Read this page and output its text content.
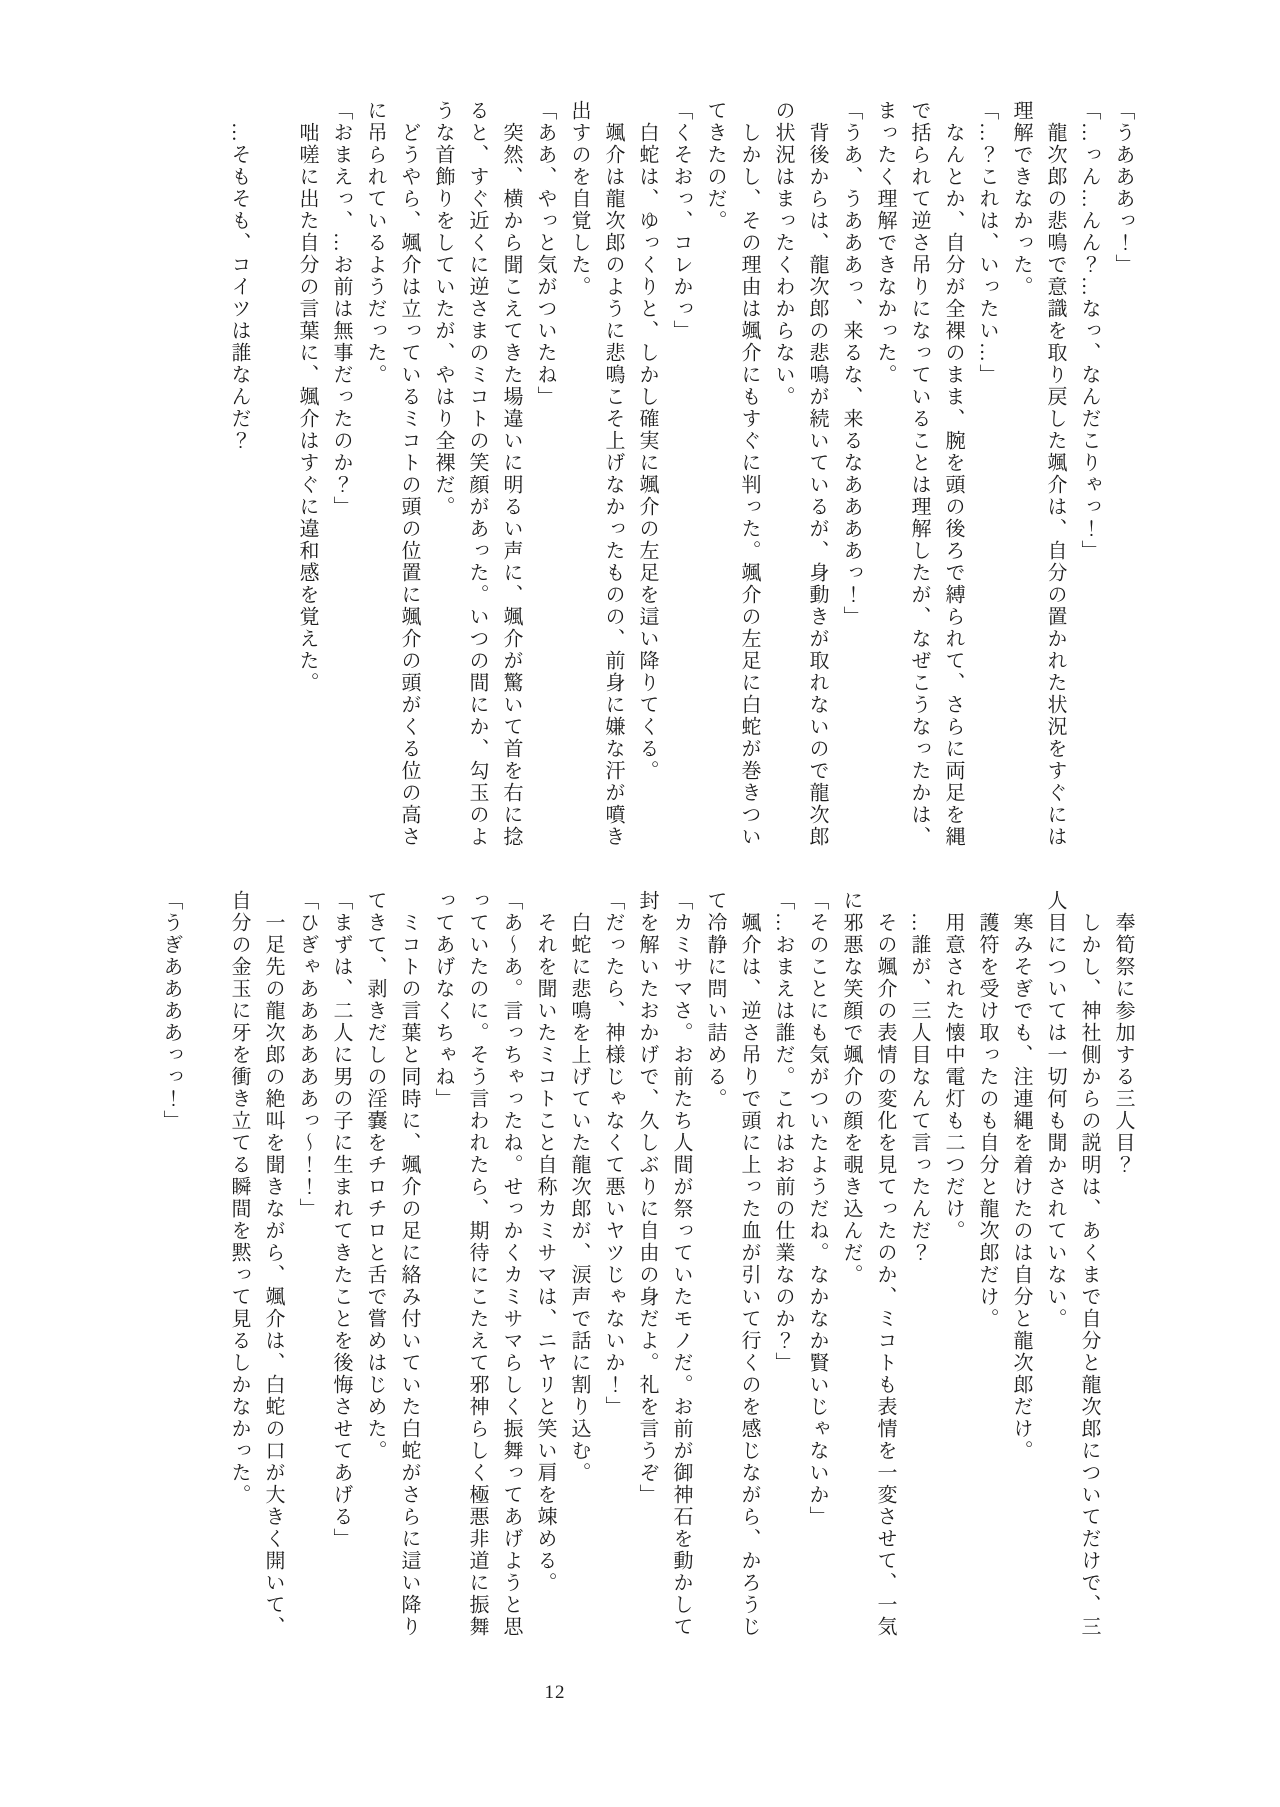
「うあああっ！」
「…っん…んん？…なっ、なんだこりゃっ！」
　龍次郎の悲鳴で意識を取り戻した颯介は、自分の置かれた状況をすぐには
理解できなかった。
「…？これは、いったい…」
　なんとか、自分が全裸のまま、腕を頭の後ろで縛られて、さらに両足を縄
で括られて逆さ吊りになっていることは理解したが、なぜこうなったかは、
まったく理解できなかった。
「うあ、うあああっ、来るな、来るなああああっ！」
　背後からは、龍次郎の悲鳴が続いているが、身動きが取れないので龍次郎
の状況はまったくわからない。
　しかし、その理由は颯介にもすぐに判った。颯介の左足に白蛇が巻きつい
てきたのだ。
「くそおっ、コレかっ」
　白蛇は、ゆっくりと、しかし確実に颯介の左足を這い降りてくる。
　颯介は龍次郎のように悲鳴こそ上げなかったものの、前身に嫌な汗が噴き
出すのを自覚した。
「ああ、やっと気がついたね」
　突然、横から聞こえてきた場違いに明るい声に、颯介が驚いて首を右に捻
ると、すぐ近くに逆さまのミコトの笑顔があった。いつの間にか、勾玉のよ
うな首飾りをしていたが、やはり全裸だ。
　どうやら、颯介は立っているミコトの頭の位置に颯介の頭がくる位の高さ
に吊られているようだった。
「おまえっ、…お前は無事だったのか？」
　咄嗟に出た自分の言葉に、颯介はすぐに違和感を覚えた。

　…そもそも、コイツは誰なんだ？
　奉筍祭に参加する三人目？
　しかし、神社側からの説明は、あくまで自分と龍次郎についてだけで、三
人目については一切何も聞かされていない。
　寒みそぎでも、注連縄を着けたのは自分と龍次郎だけ。
　護符を受け取ったのも自分と龍次郎だけ。
　用意された懐中電灯も二つだけ。
　…誰が、三人目なんて言ったんだ？
　その颯介の表情の変化を見てったのか、ミコトも表情を一変させて、一気
に邪悪な笑顔で颯介の顔を覗き込んだ。
「そのことにも気がついたようだね。なかなか賢いじゃないか」
「…おまえは誰だ。これはお前の仕業なのか？」
　颯介は、逆さ吊りで頭に上った血が引いて行くのを感じながら、かろうじ
て冷静に問い詰める。
「カミサマさ。お前たち人間が祭っていたモノだ。お前が御神石を動かして
封を解いたおかげで、久しぶりに自由の身だよ。礼を言うぞ」
「だったら、神様じゃなくて悪いヤツじゃないか！」
　白蛇に悲鳴を上げていた龍次郎が、涙声で話に割り込む。
　それを聞いたミコトこと自称カミサマは、ニヤリと笑い肩を竦める。
「あ〜あ。言っちゃったね。せっかくカミサマらしく振舞ってあげようと思
っていたのに。そう言われたら、期待にこたえて邪神らしく極悪非道に振舞
ってあげなくちゃね」
　ミコトの言葉と同時に、颯介の足に絡み付いていた白蛇がさらに這い降り
てきて、剥きだしの淫嚢をチロチロと舌で嘗めはじめた。
「まずは、二人に男の子に生まれてきたことを後悔させてあげる」
「ひぎゃああああああっ〜！！」
　一足先の龍次郎の絶叫を聞きながら、颯介は、白蛇の口が大きく開いて、
自分の金玉に牙を衝き立てる瞬間を黙って見るしかなかった。

「うぎああああっっ！」
12
